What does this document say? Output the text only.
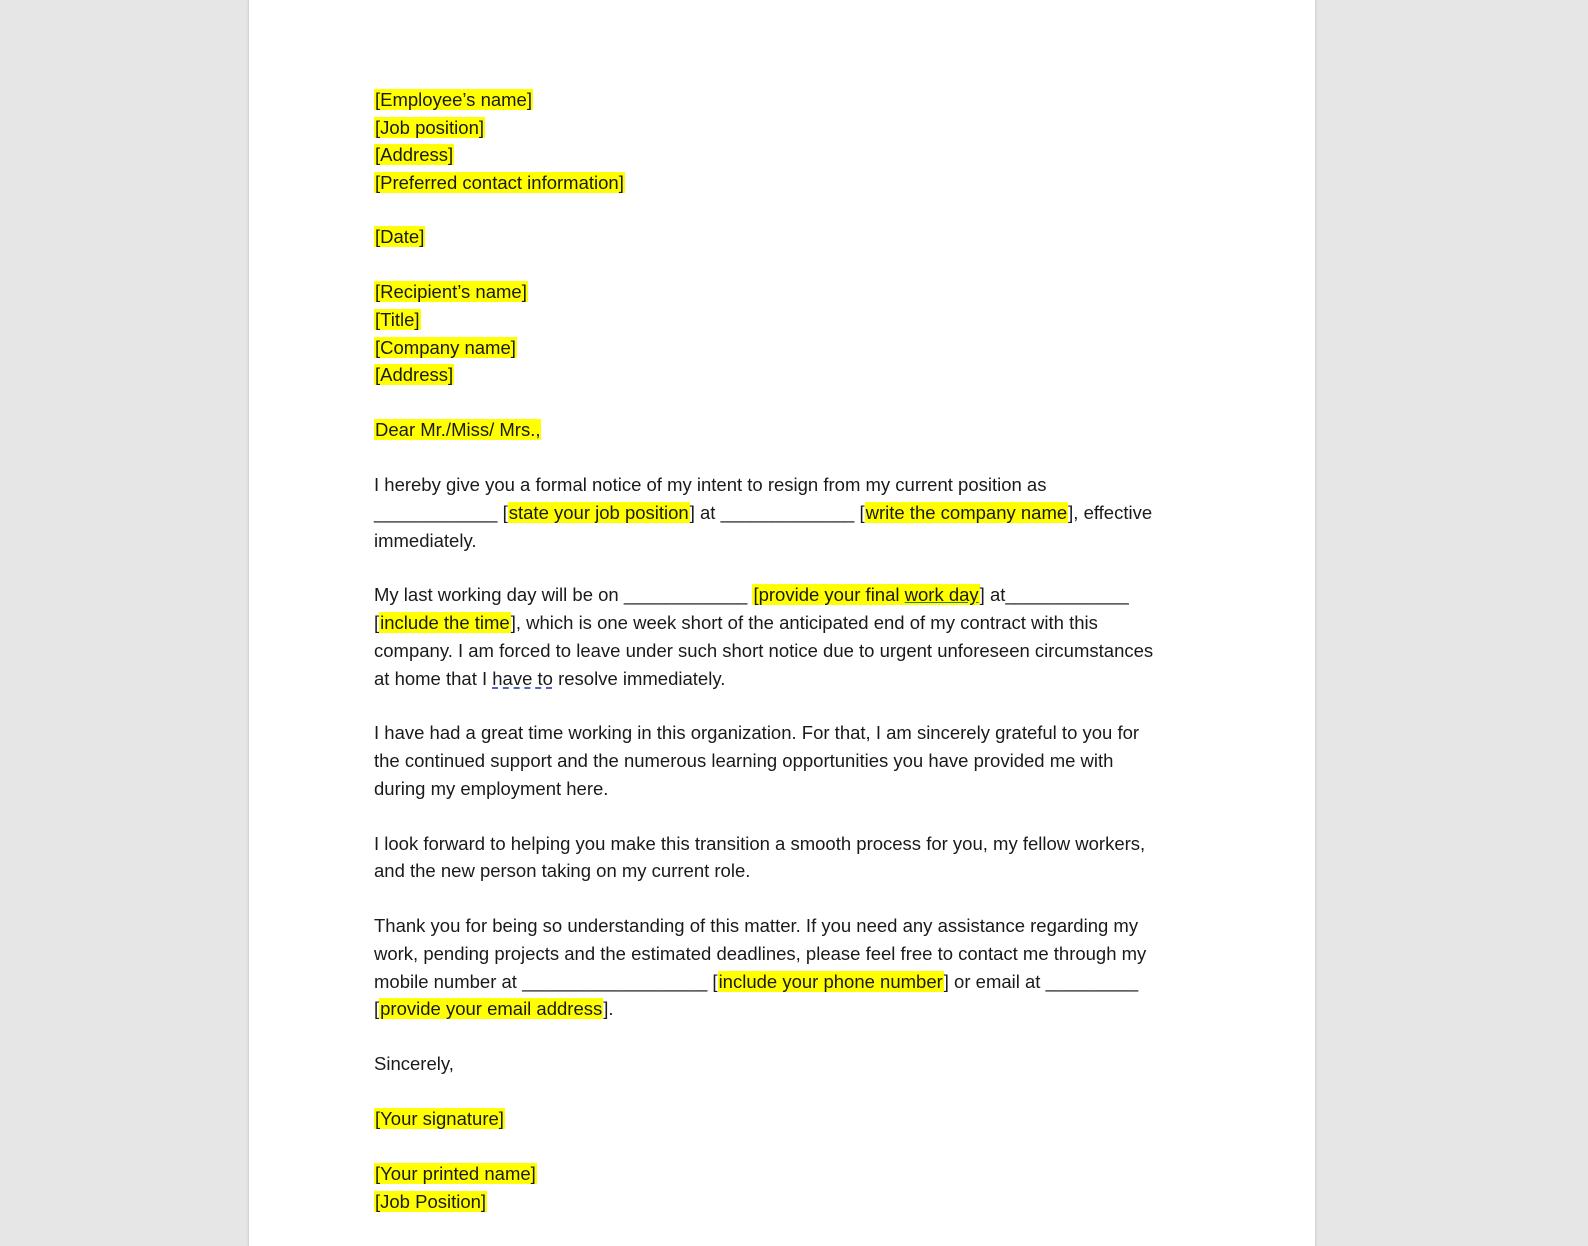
[Employee’s name]
[Job position]
[Address]
[Preferred contact information]
[Date]
[Recipient’s name]
[Title]
[Company name]
[Address]
Dear Mr./Miss/ Mrs.,
I hereby give you a formal notice of my intent to resign from my current position as
____________ [state your job position] at _____________ [write the company name], effective
immediately.
My last working day will be on ____________ [provide your final work day] at____________
[include the time], which is one week short of the anticipated end of my contract with this
company. I am forced to leave under such short notice due to urgent unforeseen circumstances
at home that I have to resolve immediately.
I have had a great time working in this organization. For that, I am sincerely grateful to you for
the continued support and the numerous learning opportunities you have provided me with
during my employment here.
I look forward to helping you make this transition a smooth process for you, my fellow workers,
and the new person taking on my current role.
Thank you for being so understanding of this matter. If you need any assistance regarding my
work, pending projects and the estimated deadlines, please feel free to contact me through my
mobile number at __________________ [include your phone number] or email at _________
[provide your email address].
Sincerely,
[Your signature]
[Your printed name]
[Job Position]
